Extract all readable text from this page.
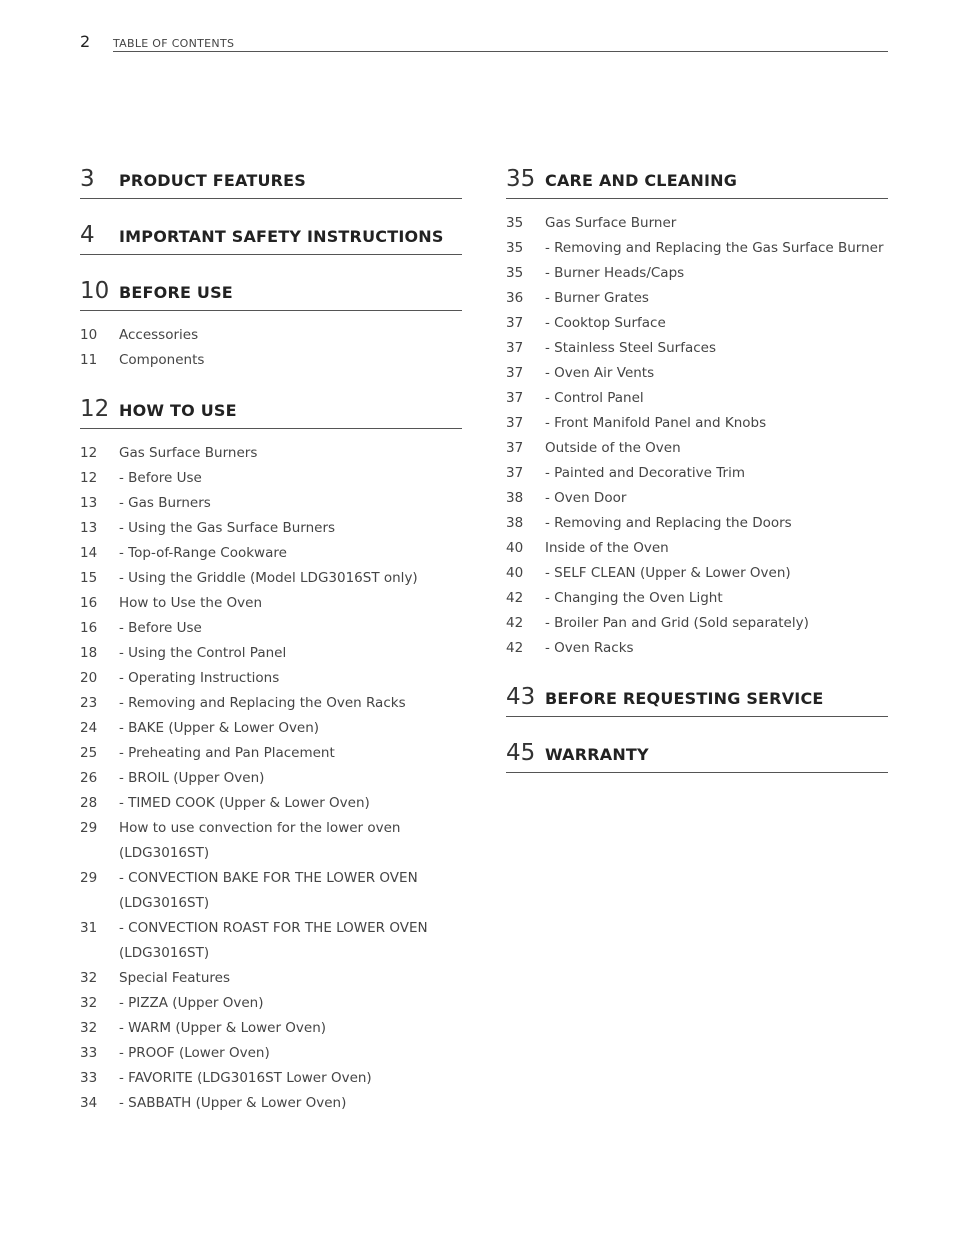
2 TABLE OF CONTENTS
3	PRODUCT FEATURES
4	IMPORTANT SAFETY INSTRUCTIONS
10 BEFORE USE
10	Accessories
11	Components
12 HOW TO USE
12	Gas Surface Burners
12	- Before Use
13	- Gas Burners
13	- Using the Gas Surface Burners
14	- Top-of-Range Cookware
15	- Using the Griddle (Model LDG3016ST only)
16	How to Use the Oven
16	- Before Use
18	- Using the Control Panel
20	- Operating Instructions
23	- Removing and Replacing the Oven Racks
24	- BAKE (Upper & Lower Oven)
25	- Preheating and Pan Placement
26	- BROIL (Upper Oven)
28	- TIMED COOK (Upper & Lower Oven)
29	How to use convection for the lower oven (LDG3016ST)
29	- CONVECTION BAKE FOR THE LOWER OVEN (LDG3016ST)
31	- CONVECTION ROAST FOR THE LOWER OVEN (LDG3016ST)
32	Special Features
32	- PIZZA (Upper Oven)
32	- WARM (Upper & Lower Oven)
33	- PROOF (Lower Oven)
33	- FAVORITE (LDG3016ST Lower Oven)
34	- SABBATH (Upper & Lower Oven)
35 CARE AND CLEANING
35	Gas Surface Burner
35	- Removing and Replacing the Gas Surface Burner
35	- Burner Heads/Caps
36	- Burner Grates
37	- Cooktop Surface
37	- Stainless Steel Surfaces
37	- Oven Air Vents
37	- Control Panel
37	- Front Manifold Panel and Knobs
37	Outside of the Oven
37	- Painted and Decorative Trim
38	- Oven Door
38	- Removing and Replacing the Doors
40	Inside of the Oven
40	- SELF CLEAN (Upper & Lower Oven)
42	- Changing the Oven Light
42	- Broiler Pan and Grid (Sold separately)
42	- Oven Racks
43 BEFORE REQUESTING SERVICE
45 WARRANTY
